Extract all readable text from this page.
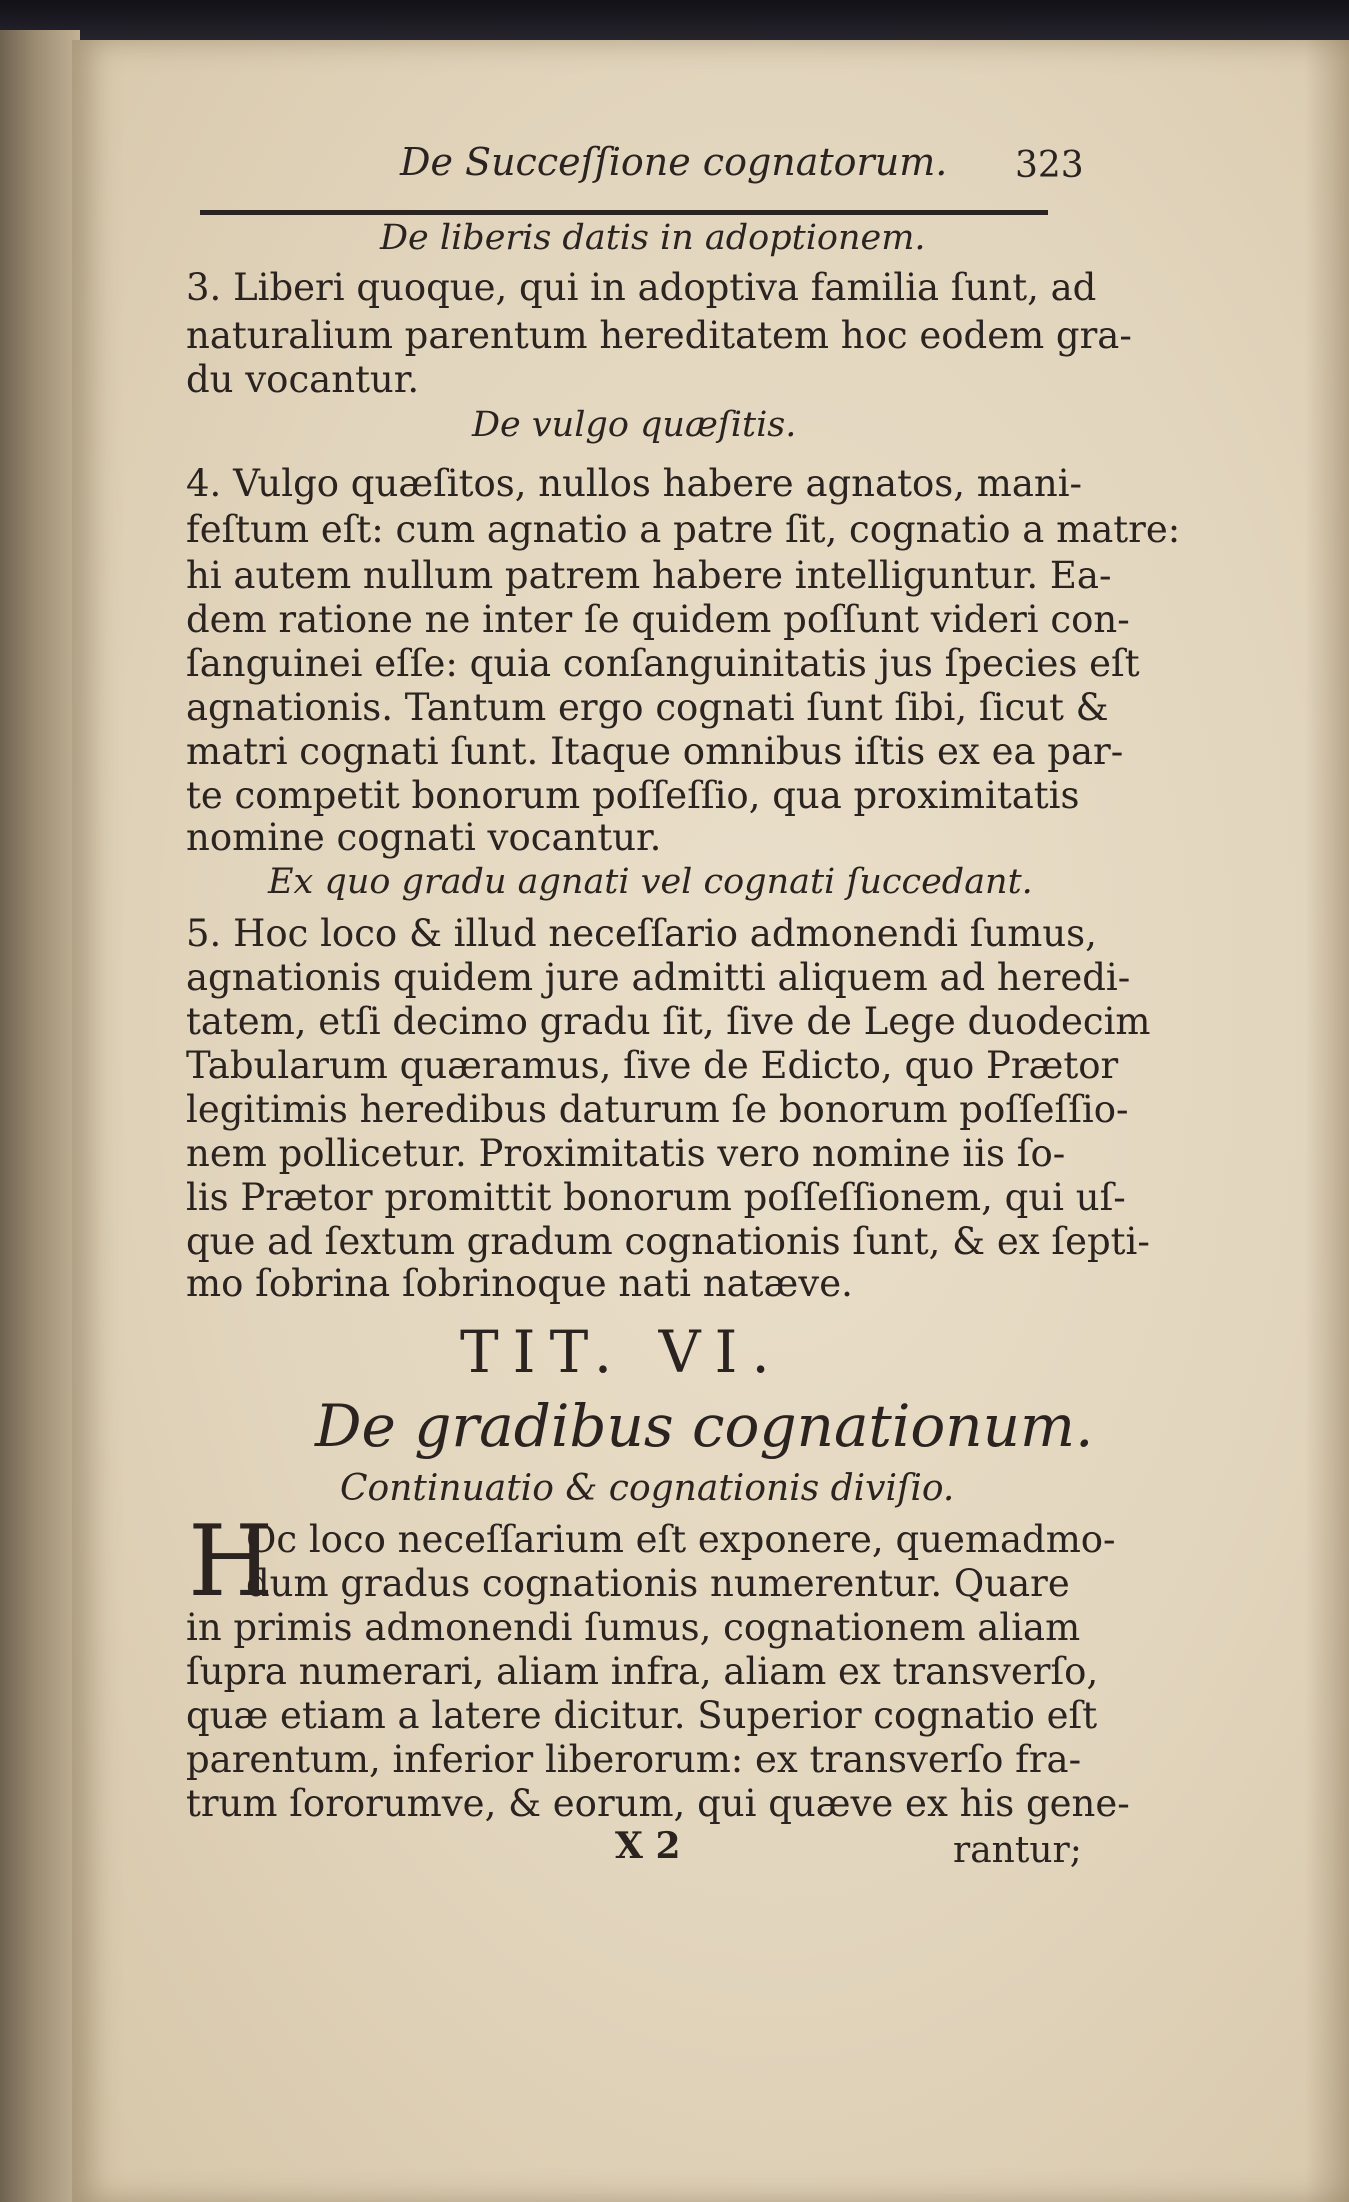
De Succeſſione cognatorum. 323
De liberis datis in adoptionem.
3. Liberi quoque, qui in adoptiva familia ſunt, ad
naturalium parentum hereditatem hoc eodem gra-
du vocantur.
De vulgo quæſitis.
4. Vulgo quæſitos, nullos habere agnatos, mani-
feſtum eſt: cum agnatio a patre ſit, cognatio a matre:
hi autem nullum patrem habere intelliguntur. Ea-
dem ratione ne inter ſe quidem poſſunt videri con-
ſanguinei eſſe: quia conſanguinitatis jus ſpecies eſt
agnationis. Tantum ergo cognati ſunt ſibi, ſicut &
matri cognati ſunt. Itaque omnibus iſtis ex ea par-
te competit bonorum poſſeſſio, qua proximitatis
nomine cognati vocantur.
Ex quo gradu agnati vel cognati ſuccedant.
5. Hoc loco & illud neceſſario admonendi ſumus,
agnationis quidem jure admitti aliquem ad heredi-
tatem, etſi decimo gradu ſit, ſive de Lege duodecim
Tabularum quæramus, ſive de Edicto, quo Prætor
legitimis heredibus daturum ſe bonorum poſſeſſio-
nem pollicetur. Proximitatis vero nomine iis ſo-
lis Prætor promittit bonorum poſſeſſionem, qui uſ-
que ad ſextum gradum cognationis ſunt, & ex ſepti-
mo ſobrina ſobrinoque nati natæve.
TIT. VI.
De gradibus cognationum.
Continuatio & cognationis diviſio.
H
Oc loco neceſſarium eſt exponere, quemadmo-
dum gradus cognationis numerentur. Quare
in primis admonendi ſumus, cognationem aliam
ſupra numerari, aliam infra, aliam ex transverſo,
quæ etiam a latere dicitur. Superior cognatio eſt
parentum, inferior liberorum: ex transverſo fra-
trum ſororumve, & eorum, qui quæve ex his gene-
X 2	rantur;
